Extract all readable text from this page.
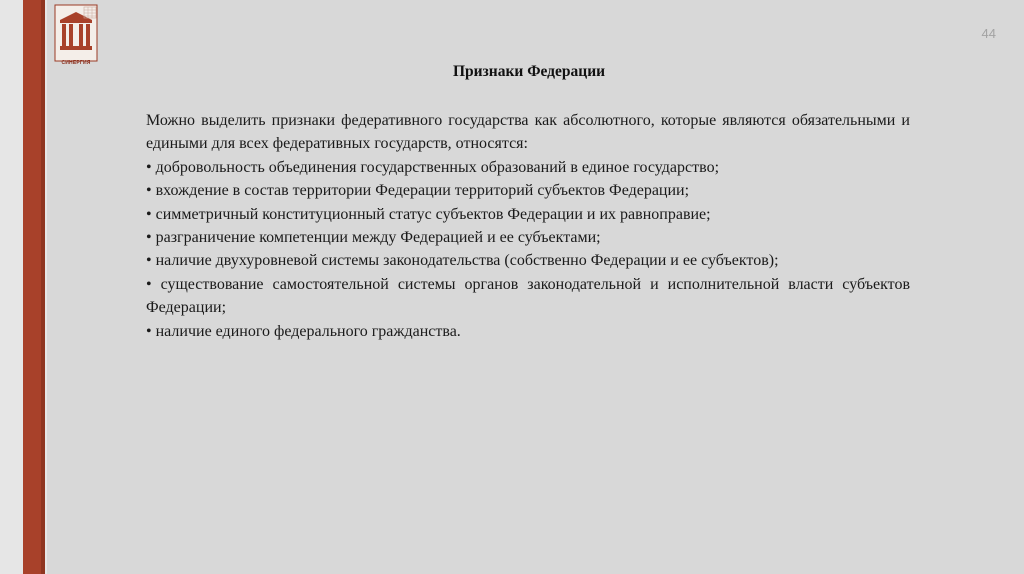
СИНЕРГИЯ
44
Признаки Федерации

Можно выделить признаки федеративного государства как абсолютного, которые являются обязательными и едиными для всех федеративных государств, относятся:

• добровольность объединения государственных образований в единое государство;

• вхождение в состав территории Федерации территорий субъектов Федерации;

• симметричный конституционный статус субъектов Федерации и их равноправие;

• разграничение компетенции между Федерацией и ее субъектами;

• наличие двухуровневой системы законодательства (собственно Федерации и ее субъектов);

• существование самостоятельной системы органов законодательной и исполнительной власти субъектов Федерации;

• наличие единого федерального гражданства.
